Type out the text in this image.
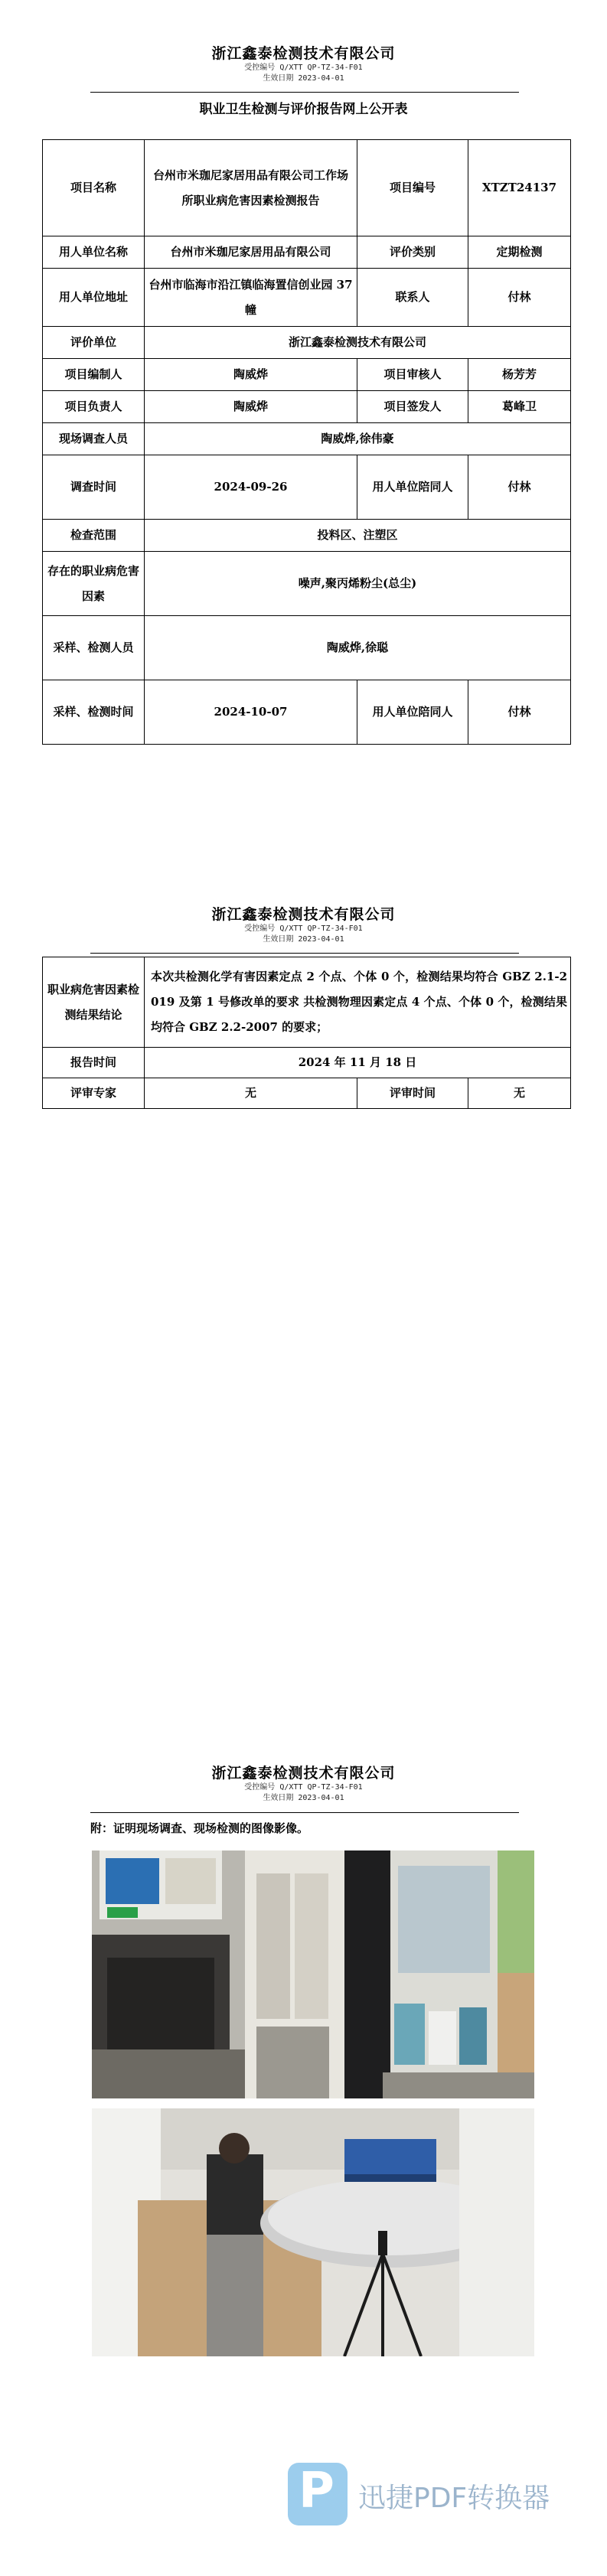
浙江鑫泰检测技术有限公司
受控编号 Q/XTT QP-TZ-34-F01
生效日期 2023-04-01
职业卫生检测与评价报告网上公开表
项目名称	台州市米珈尼家居用品有限公司工作场所职业病危害因素检测报告	项目编号	XTZT24137
用人单位名称	台州市米珈尼家居用品有限公司	评价类别	定期检测
用人单位地址	台州市临海市沿江镇临海置信创业园 37 幢	联系人	付林
评价单位	浙江鑫泰检测技术有限公司		
项目编制人	陶威烨	项目审核人	杨芳芳
项目负责人	陶威烨	项目签发人	葛峰卫
现场调查人员	陶威烨,徐伟豪		
调查时间	2024-09-26	用人单位陪同人	付林
检查范围	投料区、注塑区		
存在的职业病危害因素	噪声,聚丙烯粉尘(总尘)		
采样、检测人员	陶威烨,徐聪		
采样、检测时间	2024-10-07	用人单位陪同人	付林
浙江鑫泰检测技术有限公司
受控编号 Q/XTT QP-TZ-34-F01
生效日期 2023-04-01
职业病危害因素检测结果结论	本次共检测化学有害因素定点 2 个点、个体 0 个，检测结果均符合 GBZ 2.1-2019 及第 1 号修改单的要求 共检测物理因素定点 4 个点、个体 0 个，检测结果均符合 GBZ 2.2-2007 的要求；		
报告时间	2024 年 11 月 18 日		
评审专家	无	评审时间	无
浙江鑫泰检测技术有限公司
受控编号 Q/XTT QP-TZ-34-F01
生效日期 2023-04-01
附：证明现场调查、现场检测的图像影像。
P 迅捷PDF转换器
